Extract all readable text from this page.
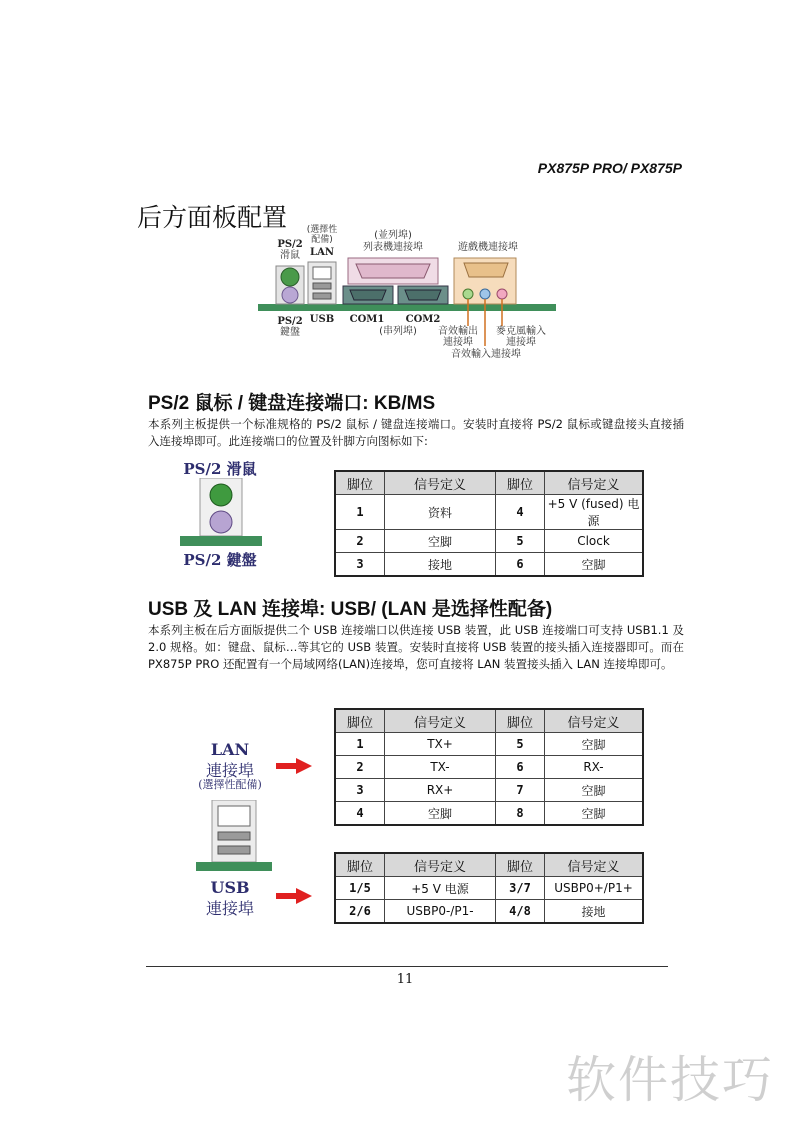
PX875P PRO/ PX875P
后方面板配置
PS/2
滑鼠
(選擇性
配備)
LAN
(並列埠)
列表機連接埠	遊戲機連接埠
PS/2
鍵盤
USB	COM1	COM2
(串列埠)	音效輸出
連接埠
麥克風輸入
連接埠
音效輸入連接埠
PS/2 鼠标 / 键盘连接端口: KB/MS
本系列主板提供一个标准规格的 PS/2 鼠标 / 键盘连接端口。安装时直接将 PS/2 鼠标或键盘接头直接插入连接埠即可。此连接端口的位置及针脚方向图标如下:
PS/2 滑鼠
PS/2 鍵盤
脚位	信号定义	脚位	信号定义
1	资料	4	+5 V (fused) 电源
2	空脚	5	Clock
3	接地	6	空脚
USB 及 LAN 连接埠: USB/ (LAN 是选择性配备)
本系列主板在后方面版提供二个 USB 连接端口以供连接 USB 装置，此 USB 连接端口可支持 USB1.1 及 2.0 规格。如：键盘、鼠标…等其它的 USB 装置。安装时直接将 USB 装置的接头插入连接器即可。而在 PX875P PRO 还配置有一个局域网络(LAN)连接埠，您可直接将 LAN 装置接头插入 LAN 连接埠即可。
LAN
連接埠
(選擇性配備)
USB
連接埠
脚位	信号定义	脚位	信号定义
1	TX+	5	空脚
2	TX-	6	RX-
3	RX+	7	空脚
4	空脚	8	空脚
脚位	信号定义	脚位	信号定义
1/5	+5 V 电源	3/7	USBP0+/P1+
2/6	USBP0-/P1-	4/8	接地
11
软件技巧
